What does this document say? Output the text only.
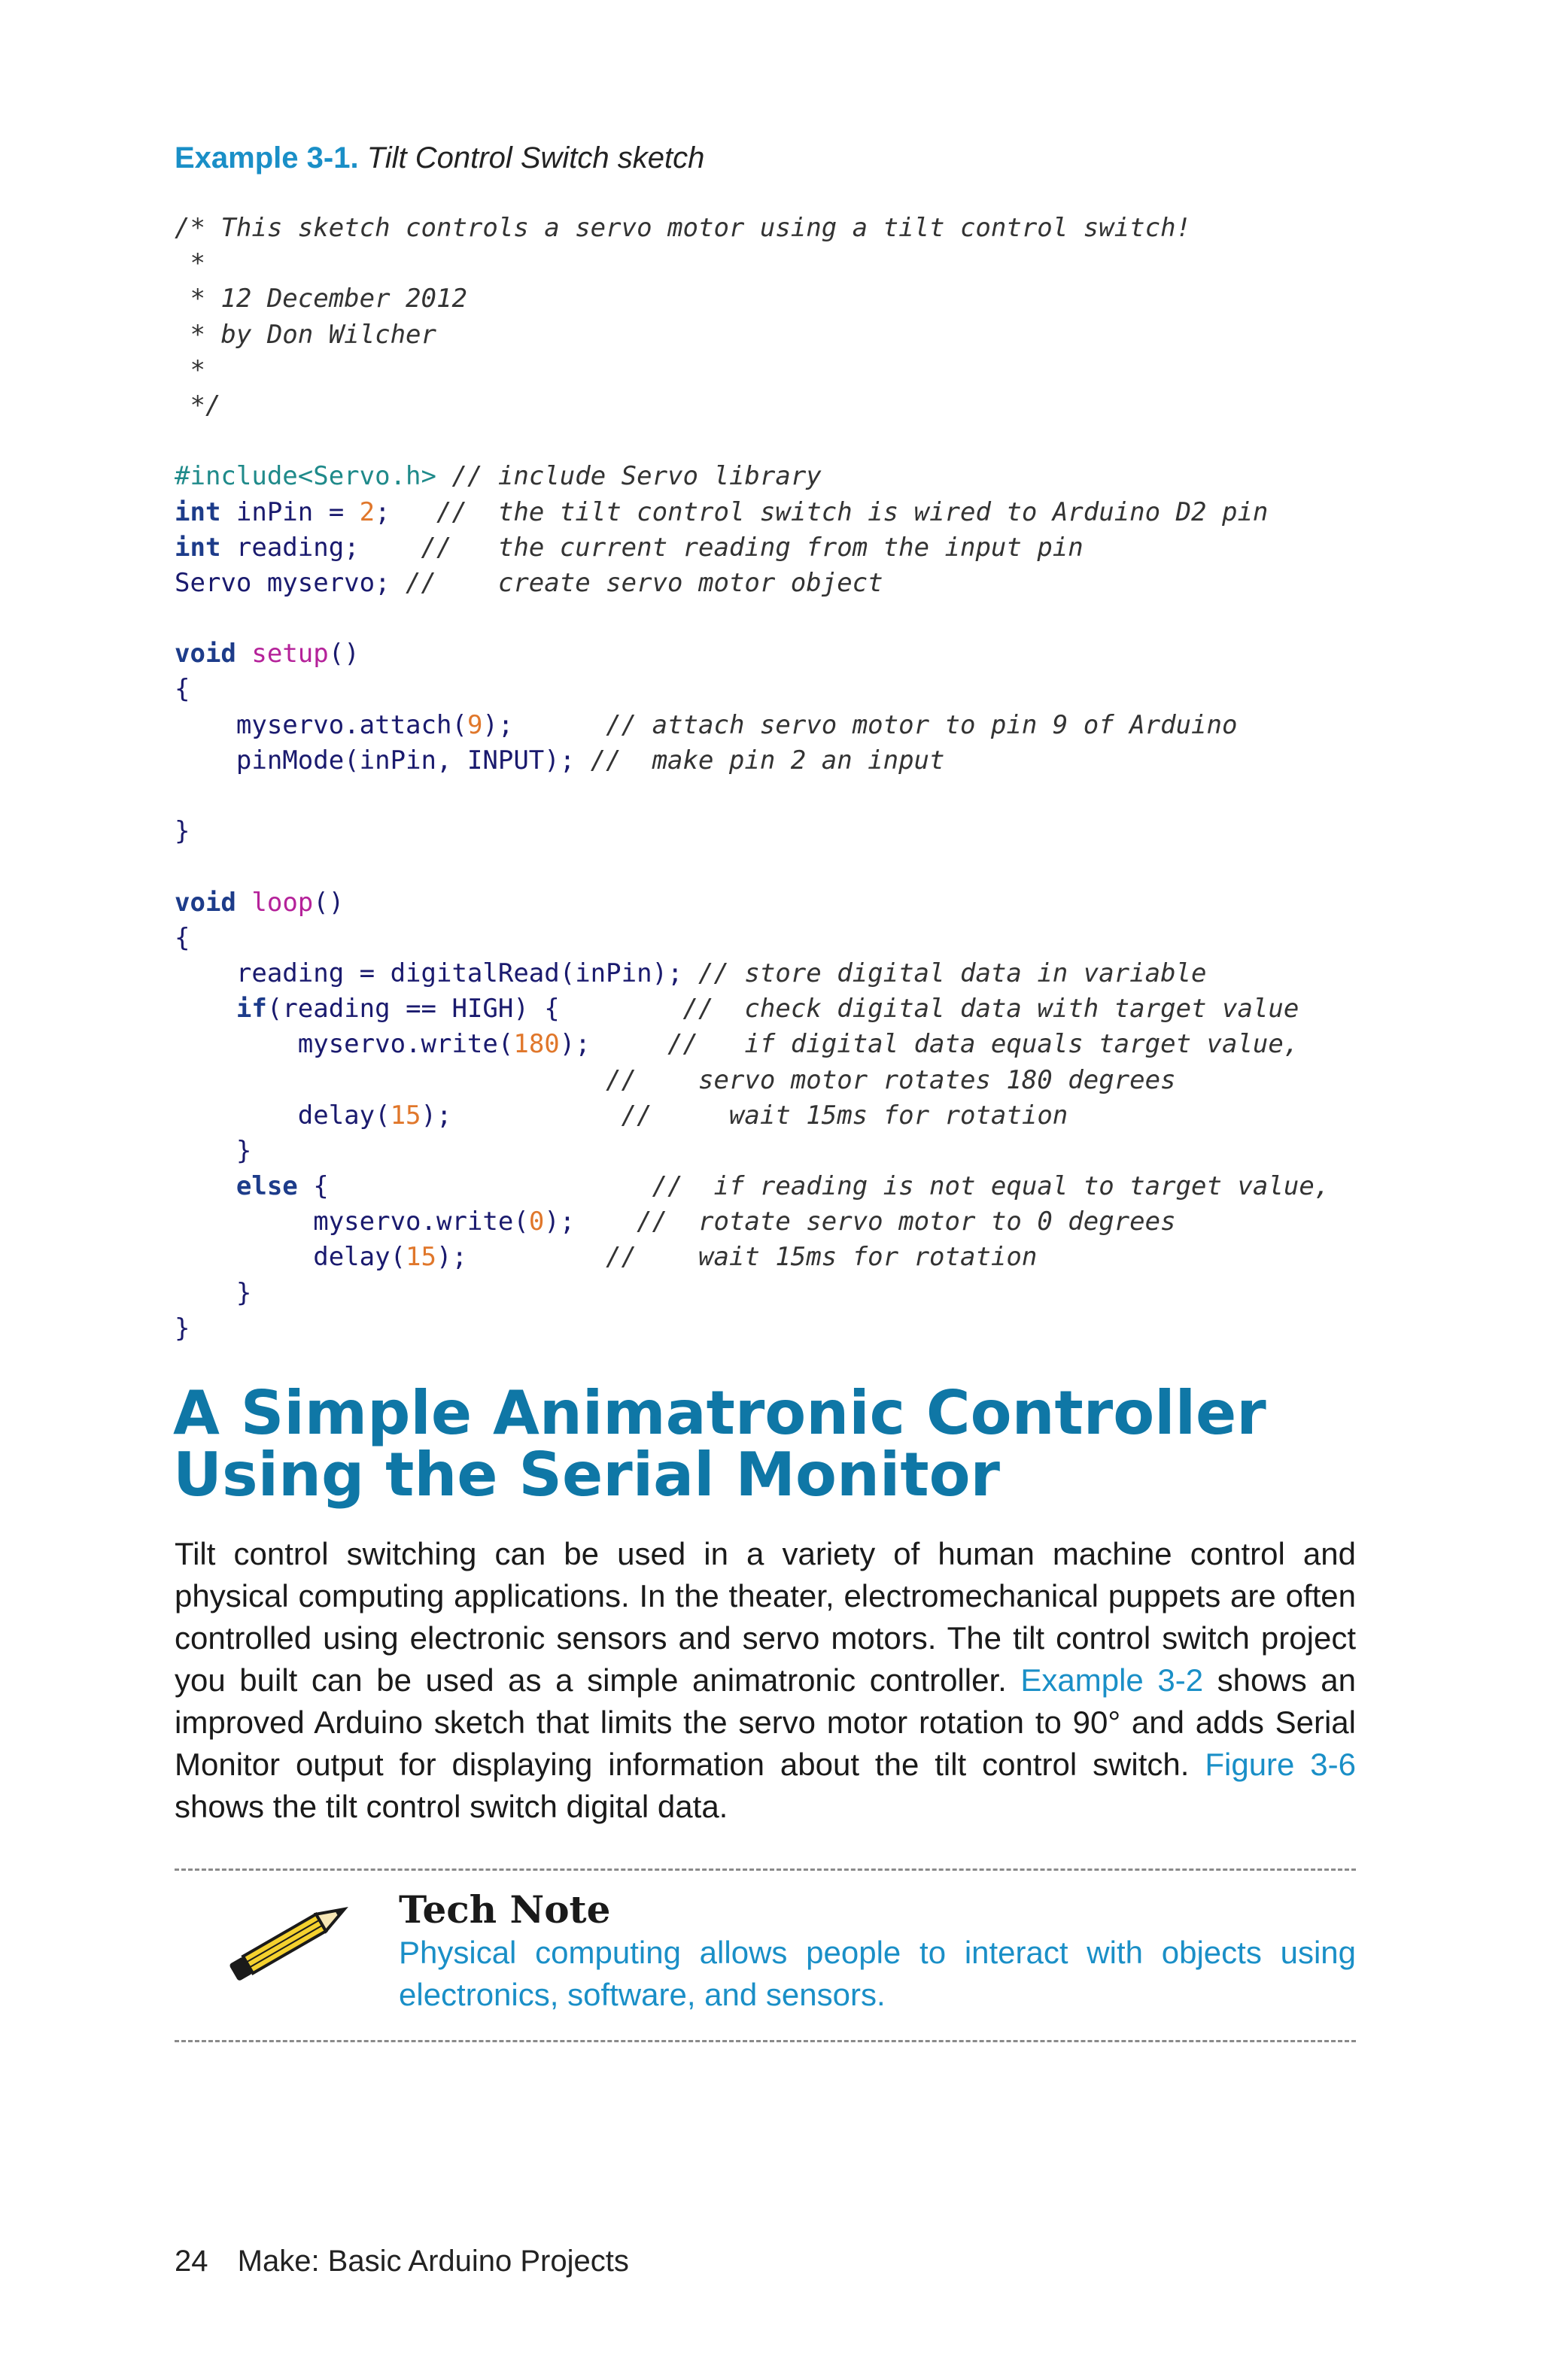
Example 3-1. Tilt Control Switch sketch
/* This sketch controls a servo motor using a tilt control switch!
*
* 12 December 2012
* by Don Wilcher
*
*/

#include<Servo.h> // include Servo library
int inPin = 2;   //  the tilt control switch is wired to Arduino D2 pin
int reading;    //   the current reading from the input pin
Servo myservo; //    create servo motor object

void setup()
{
myservo.attach(9);      // attach servo motor to pin 9 of Arduino
pinMode(inPin, INPUT); //  make pin 2 an input

}

void loop()
{
reading = digitalRead(inPin); // store digital data in variable
if(reading == HIGH) {        //  check digital data with target value
myservo.write(180);     //   if digital data equals target value,
//    servo motor rotates 180 degrees
delay(15);           //     wait 15ms for rotation
}
else {                     //  if reading is not equal to target value,
myservo.write(0);    //  rotate servo motor to 0 degrees
delay(15);         //    wait 15ms for rotation
}
}
A Simple Animatronic Controller Using the Serial Monitor

Tilt control switching can be used in a variety of human machine control and physical computing applications. In the theater, electromechanical puppets are often controlled using electronic sensors and servo motors. The tilt control switch project you built can be used as a simple animatronic controller. Example 3-2 shows an improved Arduino sketch that limits the servo motor rotation to 90° and adds Serial Monitor output for displaying information about the tilt control switch. Figure 3-6 shows the tilt control switch digital data.

Tech Note

Physical computing allows people to interact with objects using electronics, software, and sensors.

24 Make: Basic Arduino Projects
